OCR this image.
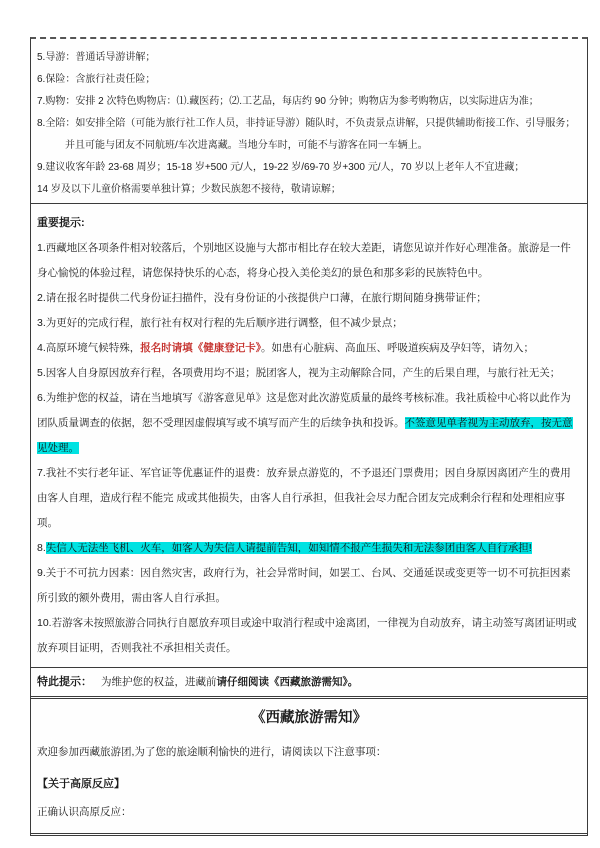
5.导游：普通话导游讲解；
6.保险：含旅行社责任险；
7.购物：安排 2 次特色购物店：⑴.藏医药；⑵.工艺品，每店约 90 分钟；购物店为参考购物店，以实际进店为准；
8.全陪：如安排全陪（可能为旅行社工作人员，非持证导游）随队时，不负责景点讲解，只提供辅助衔接工作、引导服务；并且可能与团友不同航班/车次进离藏。当地分车时，可能不与游客在同一车辆上。
9.建议收客年龄 23-68 周岁；15-18 岁+500 元/人，19-22 岁/69-70 岁+300 元/人，70 岁以上老年人不宜进藏；
14 岁及以下儿童价格需要单独计算；少数民族恕不接待，敬请谅解；
重要提示:

1.西藏地区各项条件相对较落后，个别地区设施与大都市相比存在较大差距，请您见谅并作好心理准备。旅游是一件身心愉悦的体验过程，请您保持快乐的心态，将身心投入美伦美幻的景色和那多彩的民族特色中。

2.请在报名时提供二代身份证扫描件，没有身份证的小孩提供户口薄，在旅行期间随身携带证件；

3.为更好的完成行程，旅行社有权对行程的先后顺序进行调整，但不减少景点；

4.高原环境气候特殊，报名时请填《健康登记卡》。如患有心脏病、高血压、呼吸道疾病及孕妇等，请勿入；

5.因客人自身原因放弃行程，各项费用均不退；脱团客人，视为主动解除合同，产生的后果自理，与旅行社无关；

6.为维护您的权益，请在当地填写《游客意见单》这是您对此次游览质量的最终考核标准。我社质检中心将以此作为团队质量调查的依据，恕不受理因虚假填写或不填写而产生的后续争执和投诉。不签意见单者视为主动放弃，按无意见处理。

7.我社不实行老年证、军官证等优惠证件的退费：放弃景点游览的，不予退还门票费用；因自身原因离团产生的费用由客人自理，造成行程不能完 成或其他损失，由客人自行承担，但我社会尽力配合团友完成剩余行程和处理相应事项。

8.失信人无法坐飞机、火车，如客人为失信人请提前告知，如知情不报产生损失和无法参团由客人自行承担!

9.关于不可抗力因素：因自然灾害，政府行为，社会异常时间，如罢工、台风、交通延误或变更等一切不可抗拒因素所引致的额外费用，需由客人自行承担。

10.若游客未按照旅游合同执行自愿放弃项目或途中取消行程或中途离团，一律视为自动放弃，请主动签写离团证明或放弃项目证明，否则我社不承担相关责任。

特此提示： 为维护您的权益，进藏前请仔细阅读《西藏旅游需知》。
《西藏旅游需知》

欢迎参加西藏旅游团,为了您的旅途顺利愉快的进行，请阅读以下注意事项：

【关于高原反应】

正确认识高原反应：
